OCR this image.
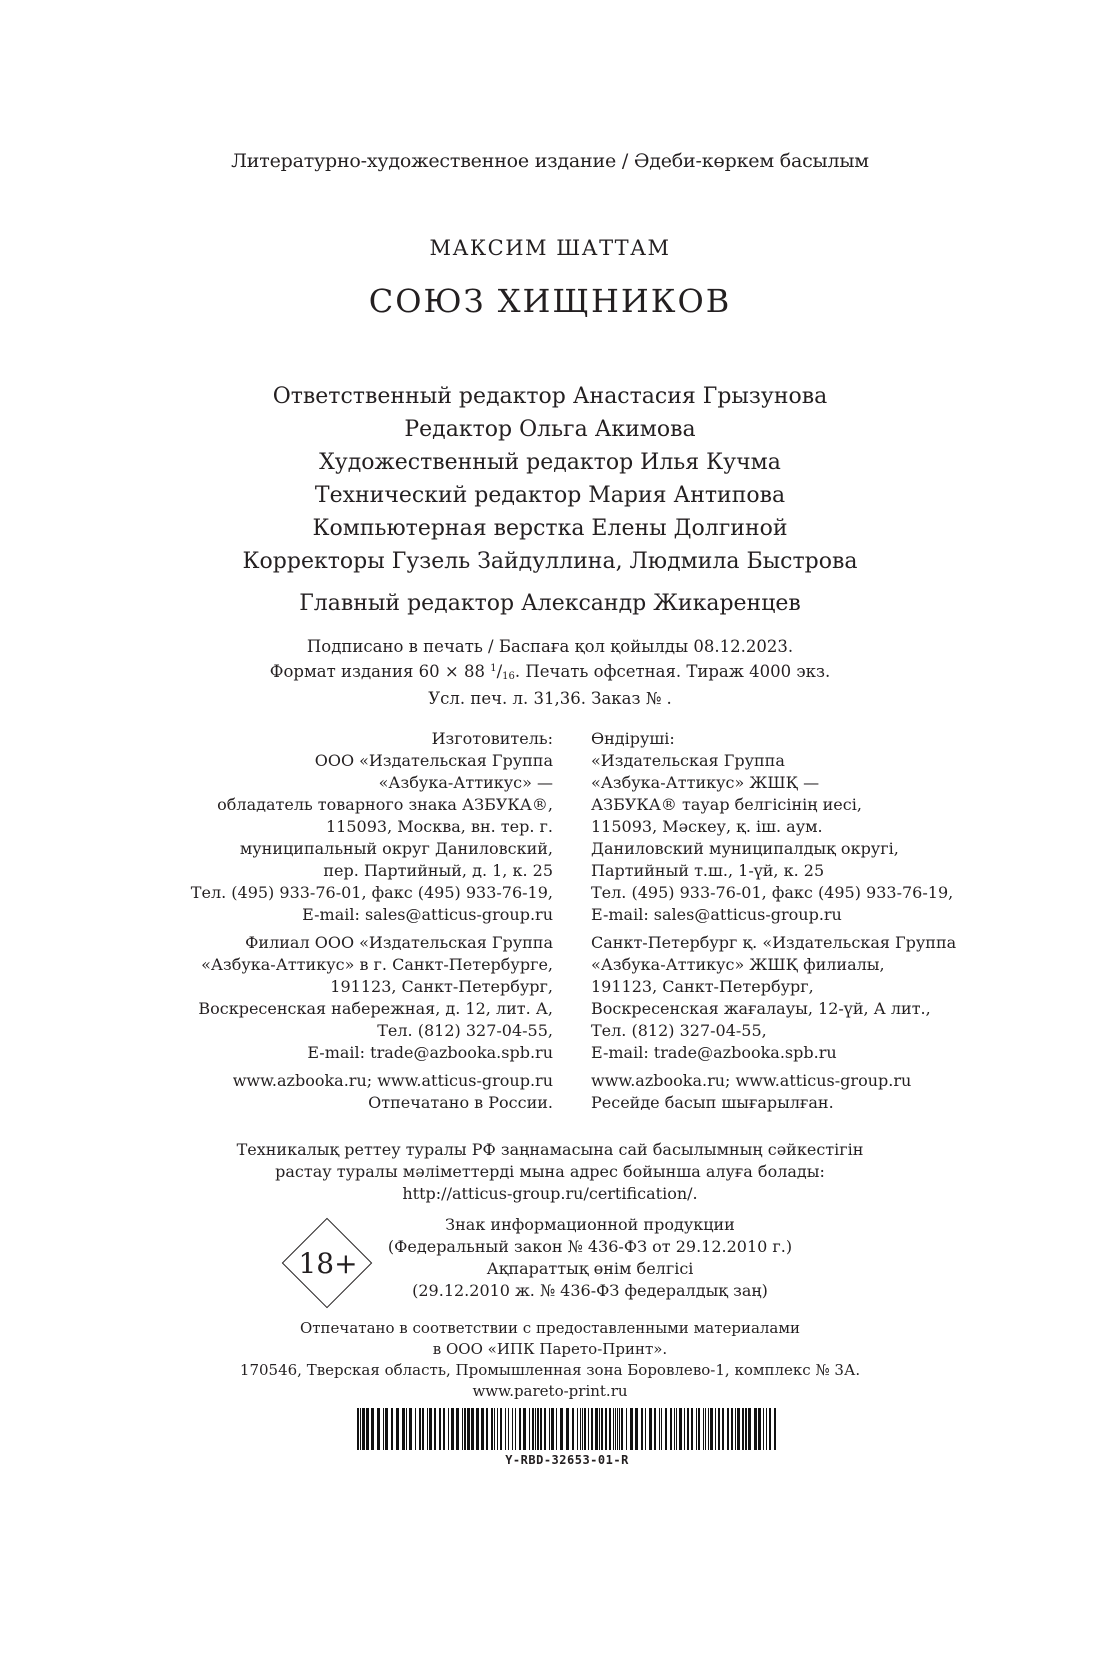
Литературно-художественное издание / Әдеби-көркем басылым
МАКСИМ ШАТТАМ
СОЮЗ ХИЩНИКОВ
Ответственный редактор Анастасия Грызунова
Редактор Ольга Акимова
Художественный редактор Илья Кучма
Технический редактор Мария Антипова
Компьютерная верстка Елены Долгиной
Корректоры Гузель Зайдуллина, Людмила Быстрова
Главный редактор Александр Жикаренцев
Подписано в печать / Баспаға қол қойылды 08.12.2023.
Формат издания 60 × 88 $^1/_{16}$. Печать офсетная. Тираж 4000 экз.
Усл. печ. л. 31,36. Заказ № .
Изготовитель:
ООО «Издательская Группа
«Азбука-Аттикус» —
обладатель товарного знака АЗБУКА®,
115093, Москва, вн. тер. г.
муниципальный округ Даниловский,
пер. Партийный, д. 1, к. 25
Тел. (495) 933-76-01, факс (495) 933-76-19,
E-mail: sales@atticus-group.ru
Филиал ООО «Издательская Группа
«Азбука-Аттикус» в г. Санкт-Петербурге,
191123, Санкт-Петербург,
Воскресенская набережная, д. 12, лит. А,
Тел. (812) 327-04-55,
E-mail: trade@azbooka.spb.ru
www.azbooka.ru; www.atticus-group.ru
Отпечатано в России.
Өндіруші:
«Издательская Группа
«Азбука-Аттикус» ЖШҚ —
АЗБУКА® тауар белгісінің иесі,
115093, Мәскеу, қ. іш. аум.
Даниловский муниципалдық округі,
Партийный т.ш., 1-үй, к. 25
Тел. (495) 933-76-01, факс (495) 933-76-19,
E-mail: sales@atticus-group.ru
Санкт-Петербург қ. «Издательская Группа
«Азбука-Аттикус» ЖШҚ филиалы,
191123, Санкт-Петербург,
Воскресенская жағалауы, 12-үй, А лит.,
Тел. (812) 327-04-55,
E-mail: trade@azbooka.spb.ru
www.azbooka.ru; www.atticus-group.ru
Ресейде басып шығарылған.
Техникалық реттеу туралы РФ заңнамасына сай басылымның сәйкестігін
растау туралы мәліметтерді мына адрес бойынша алуға болады:
http://atticus-group.ru/certification/.
18+
Знак информационной продукции
(Федеральный закон № 436-ФЗ от 29.12.2010 г.)
Ақпараттық өнім белгісі
(29.12.2010 ж. № 436-ФЗ федералдық заң)
Отпечатано в соответствии с предоставленными материалами
в ООО «ИПК Парето-Принт».
170546, Тверская область, Промышленная зона Боровлево-1, комплекс № 3А.
www.pareto-print.ru
Y-RBD-32653-01-R
